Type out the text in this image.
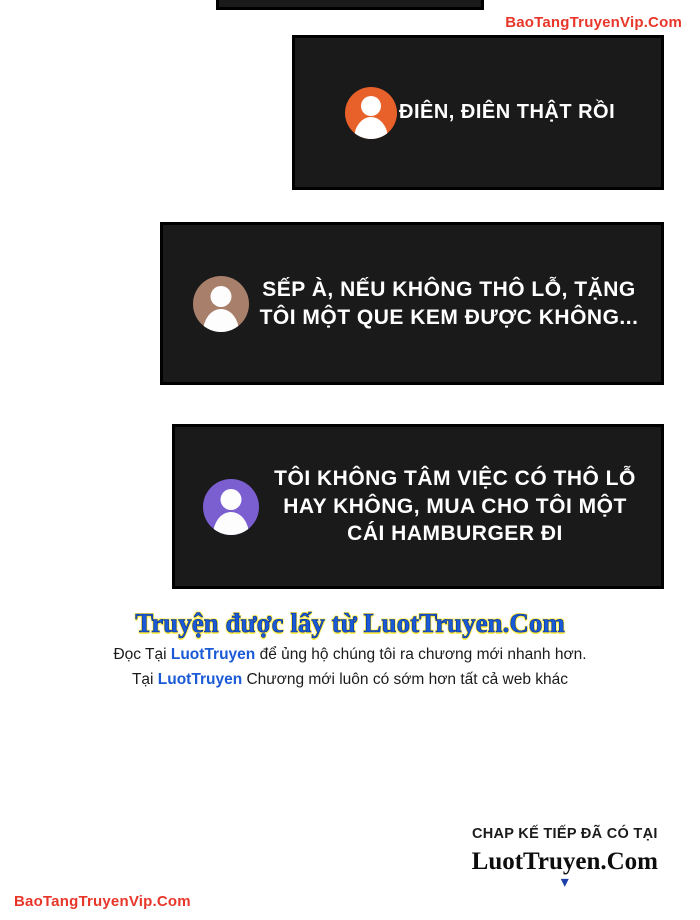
BaoTangTruyenVip.Com
ĐIÊN, ĐIÊN THẬT RỒI
SẾP À, NẾU KHÔNG THÔ LỖ, TẶNG TÔI MỘT QUE KEM ĐƯỢC KHÔNG...
TÔI KHÔNG TÂM VIỆC CÓ THÔ LỖ HAY KHÔNG, MUA CHO TÔI MỘT CÁI HAMBURGER ĐI
Truyện được lấy từ LuotTruyen.Com
Đọc Tại LuotTruyen để ủng hộ chúng tôi ra chương mới nhanh hơn.
Tại LuotTruyen Chương mới luôn có sớm hơn tất cả web khác
CHAP KẾ TIẾP ĐÃ CÓ TẠI
LuotTruyen.Com
▾
BaoTangTruyenVip.Com
